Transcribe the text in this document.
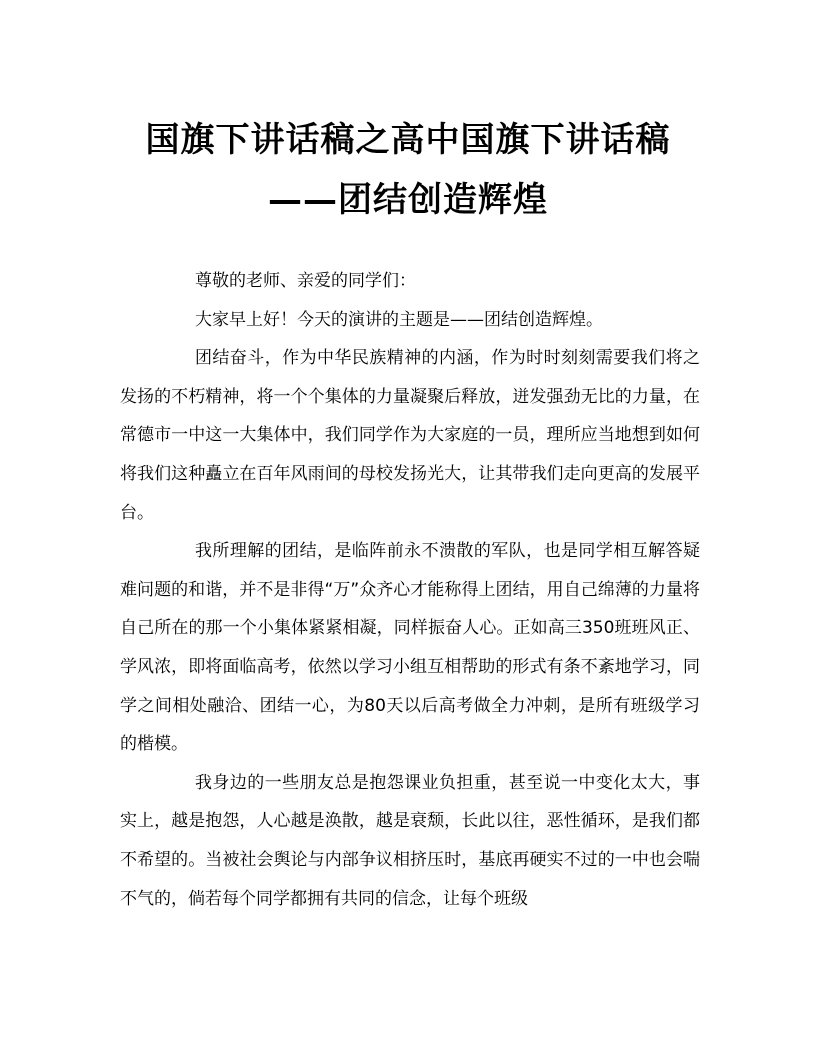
国旗下讲话稿之高中国旗下讲话稿
——团结创造辉煌

尊敬的老师、亲爱的同学们：

大家早上好！今天的演讲的主题是——团结创造辉煌。

团结奋斗，作为中华民族精神的内涵，作为时时刻刻需要我们将之发扬的不朽精神，将一个个集体的力量凝聚后释放，迸发强劲无比的力量，在常德市一中这一大集体中，我们同学作为大家庭的一员，理所应当地想到如何将我们这种矗立在百年风雨间的母校发扬光大，让其带我们走向更高的发展平台。

我所理解的团结，是临阵前永不溃散的军队，也是同学相互解答疑难问题的和谐，并不是非得“万”众齐心才能称得上团结，用自己绵薄的力量将自己所在的那一个小集体紧紧相凝，同样振奋人心。正如高三350班班风正、学风浓，即将面临高考，依然以学习小组互相帮助的形式有条不紊地学习，同学之间相处融洽、团结一心，为80天以后高考做全力冲刺，是所有班级学习的楷模。

我身边的一些朋友总是抱怨课业负担重，甚至说一中变化太大，事实上，越是抱怨，人心越是涣散，越是衰颓，长此以往，恶性循环，是我们都不希望的。当被社会舆论与内部争议相挤压时，基底再硬实不过的一中也会喘不气的，倘若每个同学都拥有共同的信念，让每个班级
